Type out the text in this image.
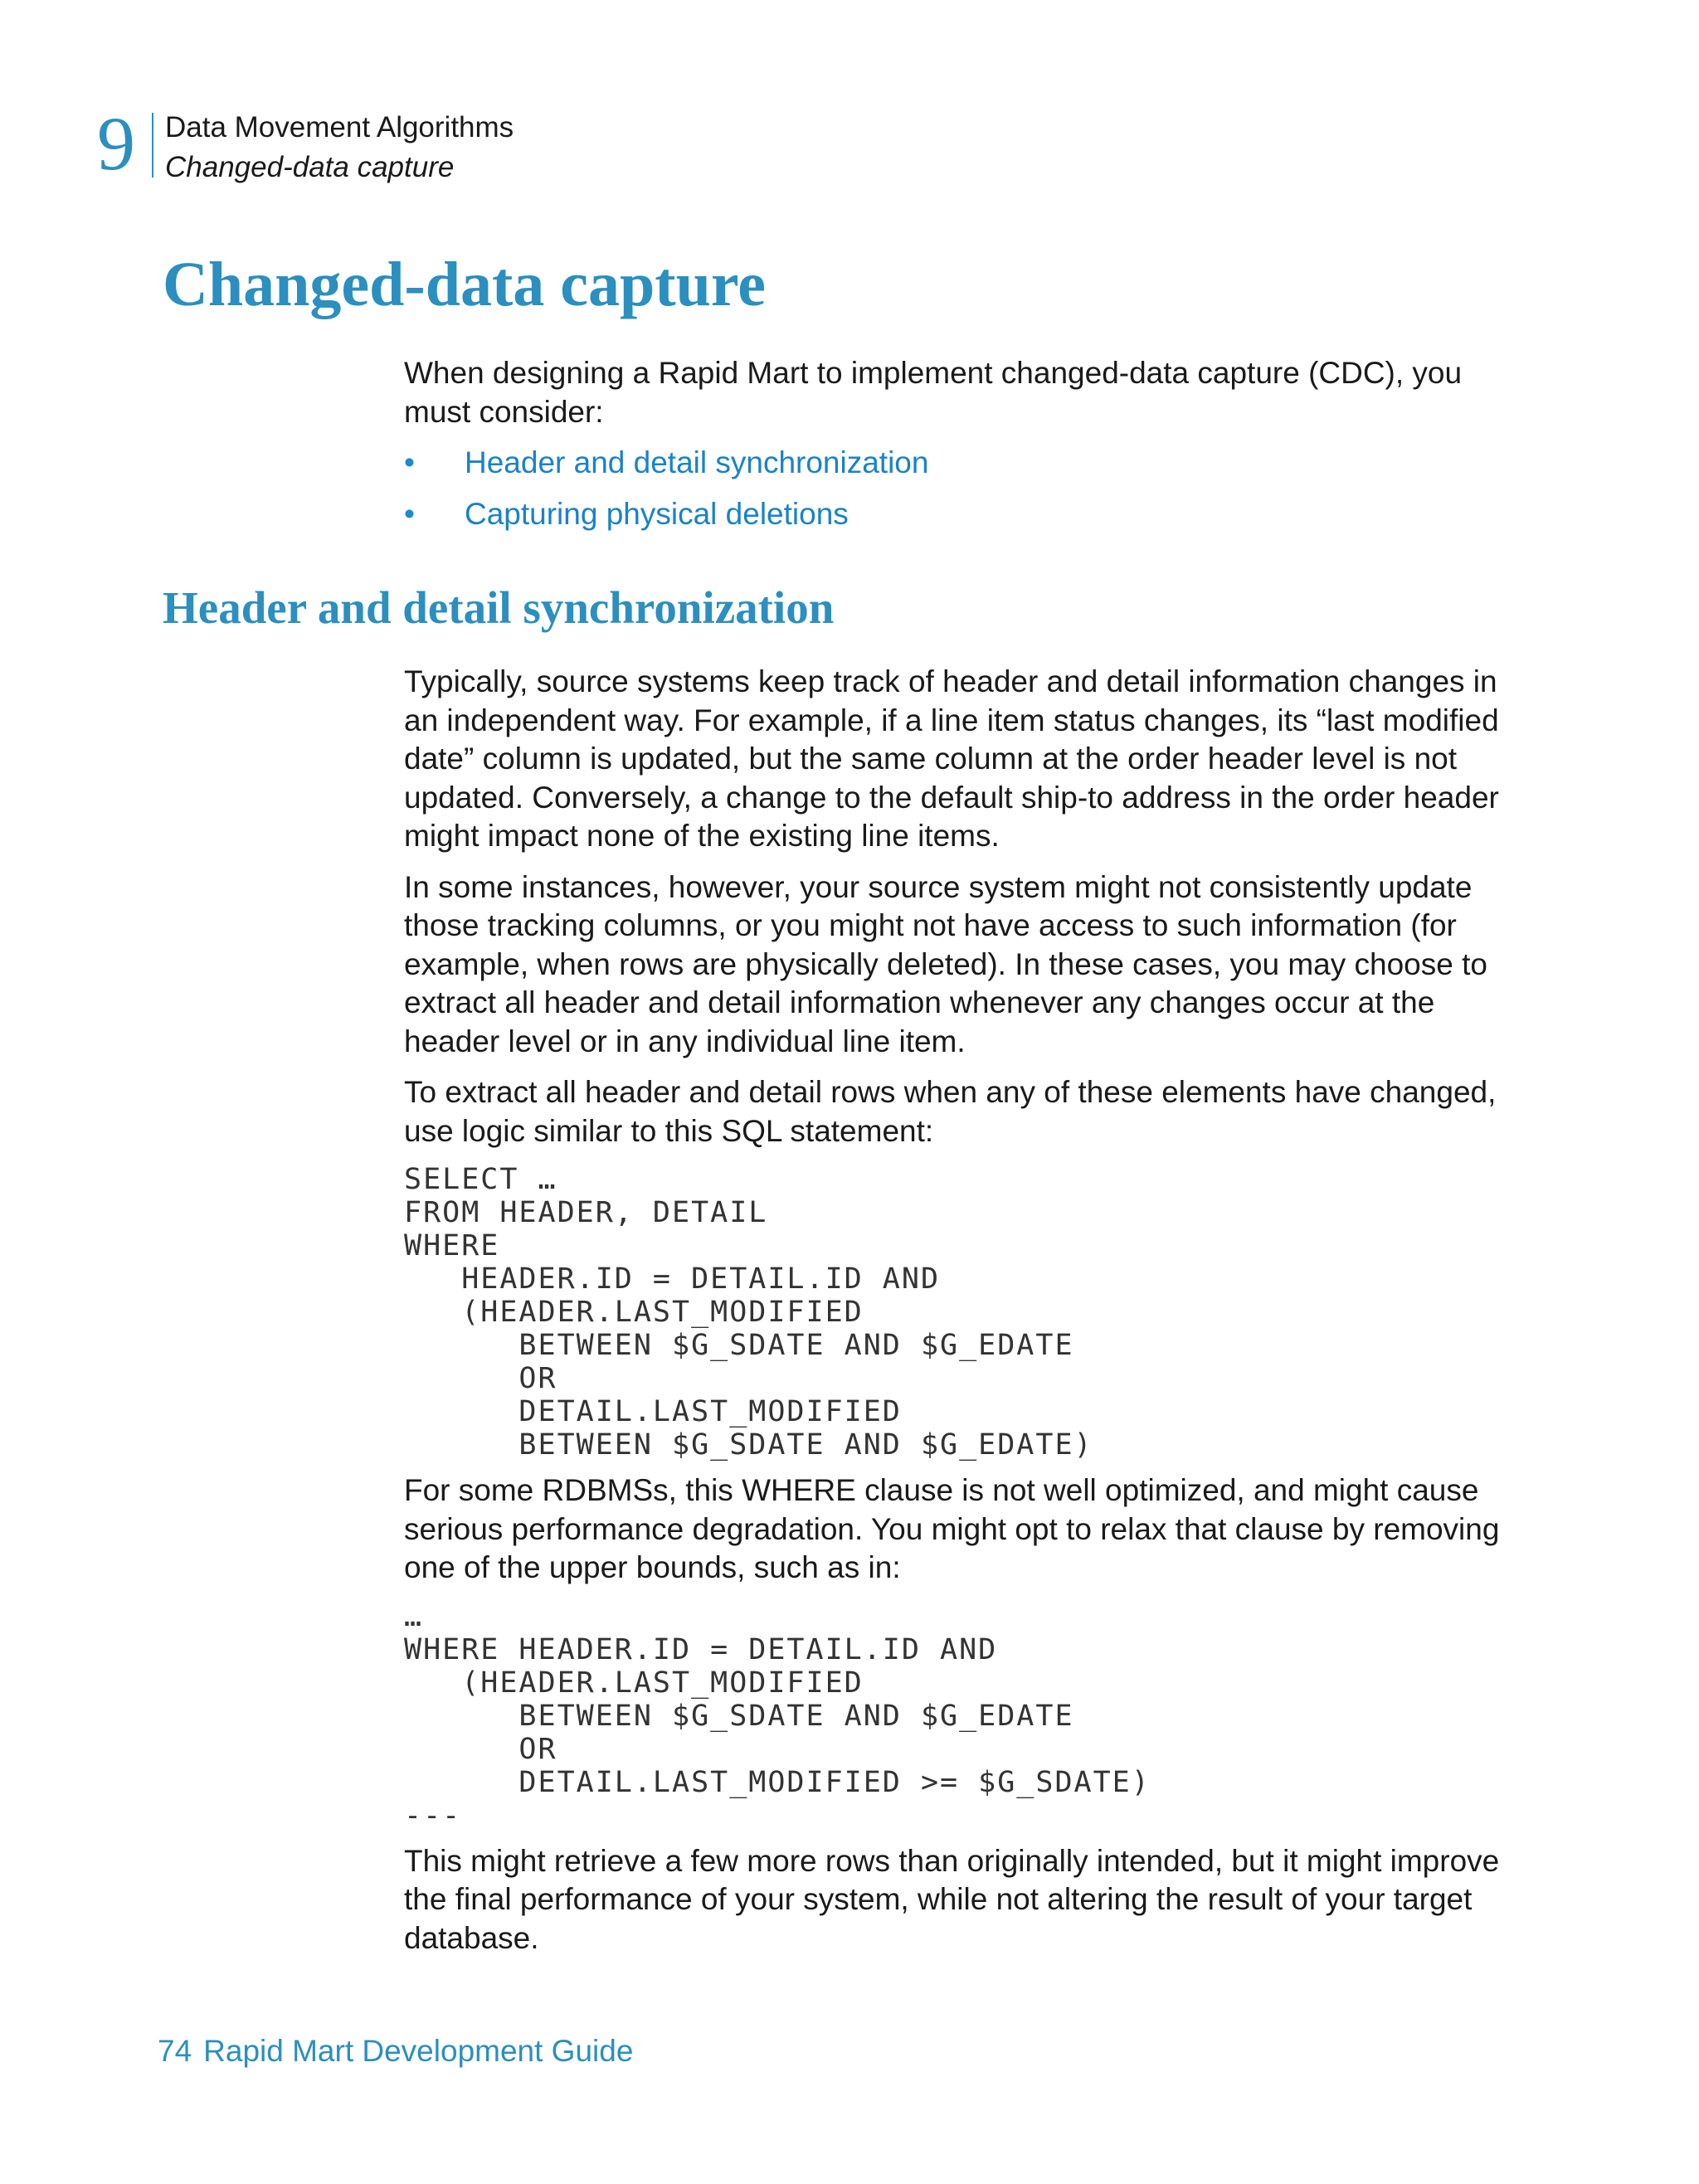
9 Data Movement Algorithms
Changed-data capture
Changed-data capture

When designing a Rapid Mart to implement changed-data capture (CDC), you must consider:

• Header and detail synchronization
• Capturing physical deletions
Header and detail synchronization

Typically, source systems keep track of header and detail information changes in an independent way. For example, if a line item status changes, its “last modified date” column is updated, but the same column at the order header level is not updated. Conversely, a change to the default ship-to address in the order header might impact none of the existing line items.

In some instances, however, your source system might not consistently update those tracking columns, or you might not have access to such information (for example, when rows are physically deleted). In these cases, you may choose to extract all header and detail information whenever any changes occur at the header level or in any individual line item.

To extract all header and detail rows when any of these elements have changed, use logic similar to this SQL statement:

SELECT …
FROM HEADER, DETAIL
WHERE
HEADER.ID = DETAIL.ID AND
(HEADER.LAST_MODIFIED
BETWEEN $G_SDATE AND $G_EDATE
OR
DETAIL.LAST_MODIFIED
BETWEEN $G_SDATE AND $G_EDATE)

For some RDBMSs, this WHERE clause is not well optimized, and might cause serious performance degradation. You might opt to relax that clause by removing one of the upper bounds, such as in:

…
WHERE HEADER.ID = DETAIL.ID AND
(HEADER.LAST_MODIFIED
BETWEEN $G_SDATE AND $G_EDATE
OR
DETAIL.LAST_MODIFIED >= $G_SDATE)
---

This might retrieve a few more rows than originally intended, but it might improve the final performance of your system, while not altering the result of your target database.

74 Rapid Mart Development Guide
